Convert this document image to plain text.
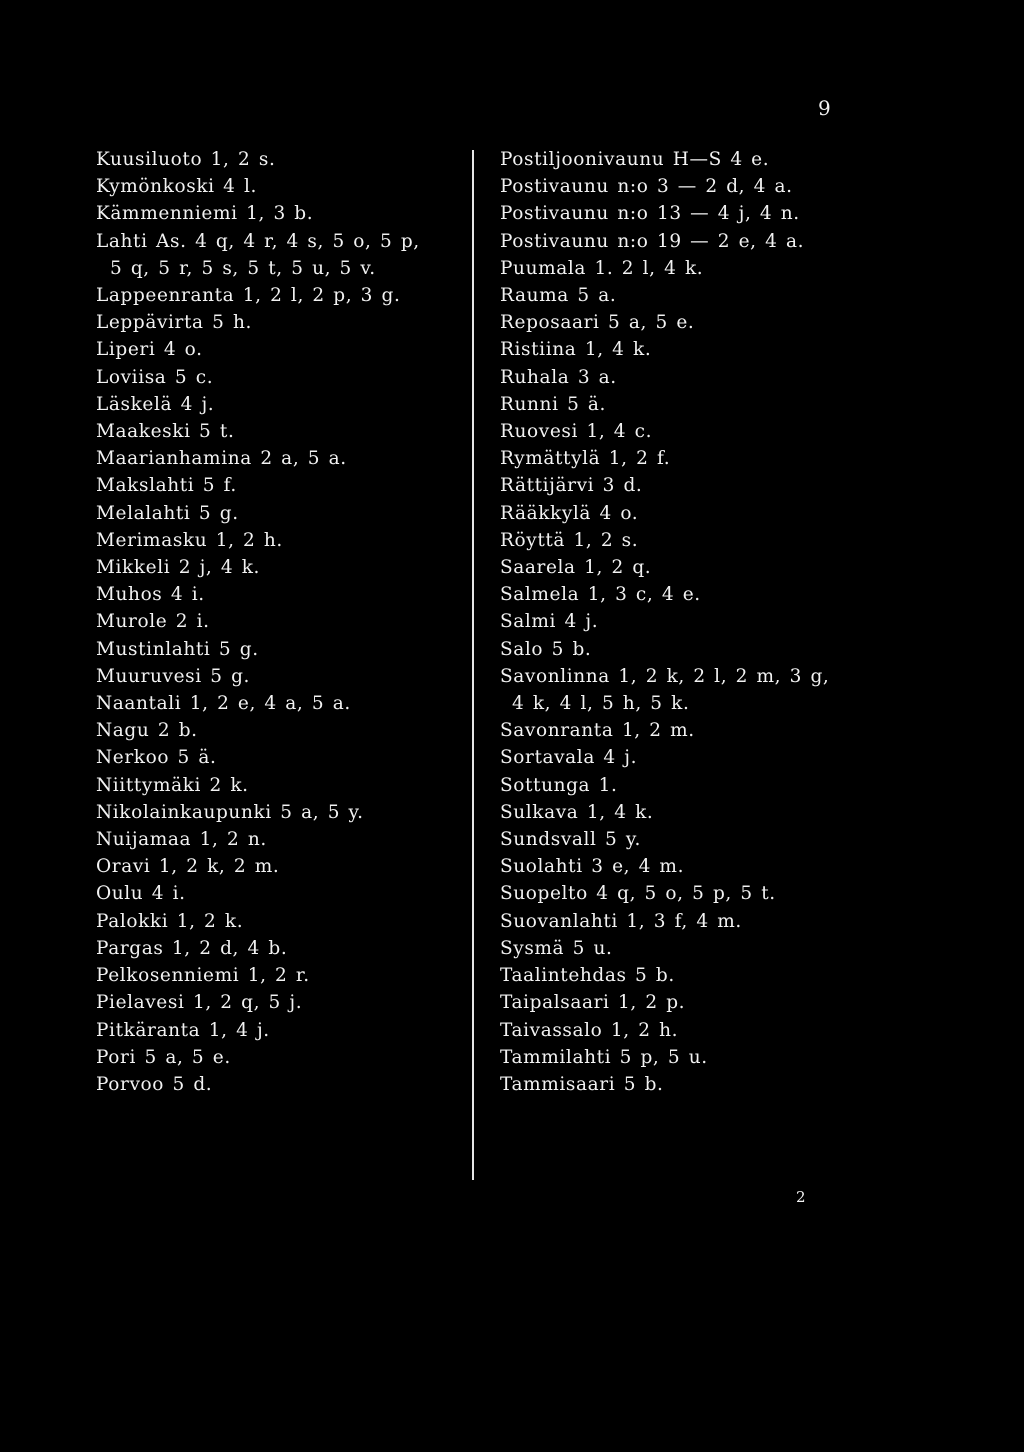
9
Kuusiluoto 1, 2 s.
Kymönkoski 4 l.
Kämmenniemi 1, 3 b.
Lahti As. 4 q, 4 r, 4 s, 5 o, 5 p,
5 q, 5 r, 5 s, 5 t, 5 u, 5 v.
Lappeenranta 1, 2 l, 2 p, 3 g.
Leppävirta 5 h.
Liperi 4 o.
Loviisa 5 c.
Läskelä 4 j.
Maakeski 5 t.
Maarianhamina 2 a, 5 a.
Makslahti 5 f.
Melalahti 5 g.
Merimasku 1, 2 h.
Mikkeli 2 j, 4 k.
Muhos 4 i.
Murole 2 i.
Mustinlahti 5 g.
Muuruvesi 5 g.
Naantali 1, 2 e, 4 a, 5 a.
Nagu 2 b.
Nerkoo 5 ä.
Niittymäki 2 k.
Nikolainkaupunki 5 a, 5 y.
Nuijamaa 1, 2 n.
Oravi 1, 2 k, 2 m.
Oulu 4 i.
Palokki 1, 2 k.
Pargas 1, 2 d, 4 b.
Pelkosenniemi 1, 2 r.
Pielavesi 1, 2 q, 5 j.
Pitkäranta 1, 4 j.
Pori 5 a, 5 e.
Porvoo 5 d.
Postiljoonivaunu H—S 4 e.
Postivaunu n:o 3 — 2 d, 4 a.
Postivaunu n:o 13 — 4 j, 4 n.
Postivaunu n:o 19 — 2 e, 4 a.
Puumala 1. 2 l, 4 k.
Rauma 5 a.
Reposaari 5 a, 5 e.
Ristiina 1, 4 k.
Ruhala 3 a.
Runni 5 ä.
Ruovesi 1, 4 c.
Rymättylä 1, 2 f.
Rättijärvi 3 d.
Rääkkylä 4 o.
Röyttä 1, 2 s.
Saarela 1, 2 q.
Salmela 1, 3 c, 4 e.
Salmi 4 j.
Salo 5 b.
Savonlinna 1, 2 k, 2 l, 2 m, 3 g,
4 k, 4 l, 5 h, 5 k.
Savonranta 1, 2 m.
Sortavala 4 j.
Sottunga 1.
Sulkava 1, 4 k.
Sundsvall 5 y.
Suolahti 3 e, 4 m.
Suopelto 4 q, 5 o, 5 p, 5 t.
Suovanlahti 1, 3 f, 4 m.
Sysmä 5 u.
Taalintehdas 5 b.
Taipalsaari 1, 2 p.
Taivassalo 1, 2 h.
Tammilahti 5 p, 5 u.
Tammisaari 5 b.
2
